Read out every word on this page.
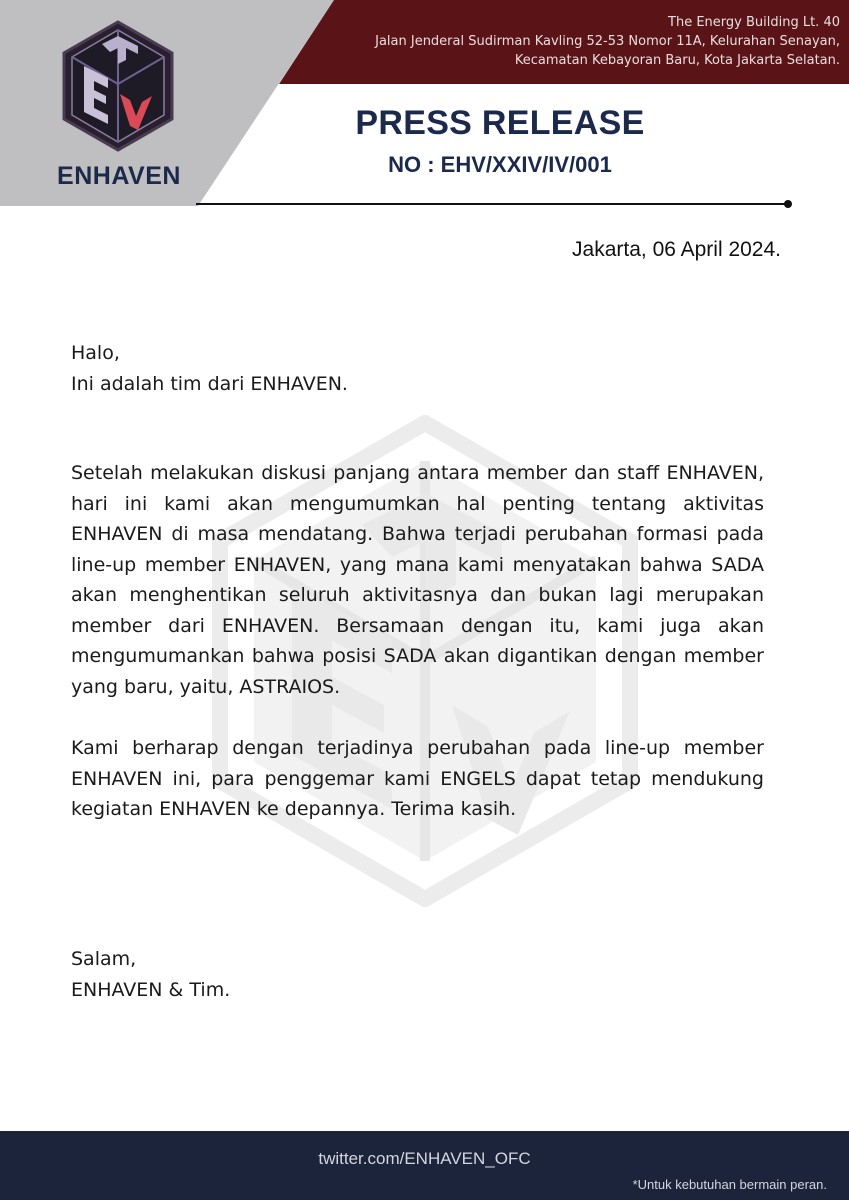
ENHAVEN
The Energy Building Lt. 40
Jalan Jenderal Sudirman Kavling 52-53 Nomor 11A, Kelurahan Senayan,
Kecamatan Kebayoran Baru, Kota Jakarta Selatan.
PRESS RELEASE
NO : EHV/XXIV/IV/001
Jakarta, 06 April 2024.

Halo,

Ini adalah tim dari ENHAVEN.

Setelah melakukan diskusi panjang antara member dan staff ENHAVEN, hari ini kami akan mengumumkan hal penting tentang aktivitas ENHAVEN di masa mendatang. Bahwa terjadi perubahan formasi pada line-up member ENHAVEN, yang mana kami menyatakan bahwa SADA akan menghentikan seluruh aktivitasnya dan bukan lagi merupakan member dari ENHAVEN. Bersamaan dengan itu, kami juga akan mengumumankan bahwa posisi SADA akan digantikan dengan member yang baru, yaitu, ASTRAIOS.

Kami berharap dengan terjadinya perubahan pada line-up member ENHAVEN ini, para penggemar kami ENGELS dapat tetap mendukung kegiatan ENHAVEN ke depannya. Terima kasih.

Salam,

ENHAVEN & Tim.

twitter.com/ENHAVEN_OFC
*Untuk kebutuhan bermain peran.
